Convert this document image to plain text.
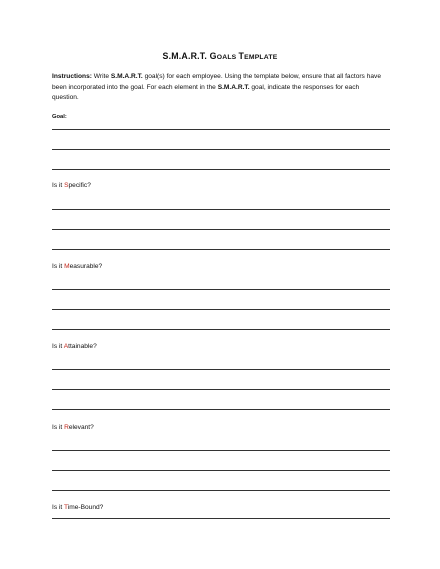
S.M.A.R.T. GOALS TEMPLATE
Instructions: Write S.M.A.R.T. goal(s) for each employee. Using the template below, ensure that all factors have been incorporated into the goal. For each element in the S.M.A.R.T. goal, indicate the responses for each question.
Goal:
Is it Specific?
Is it Measurable?
Is it Attainable?
Is it Relevant?
Is it Time-Bound?
